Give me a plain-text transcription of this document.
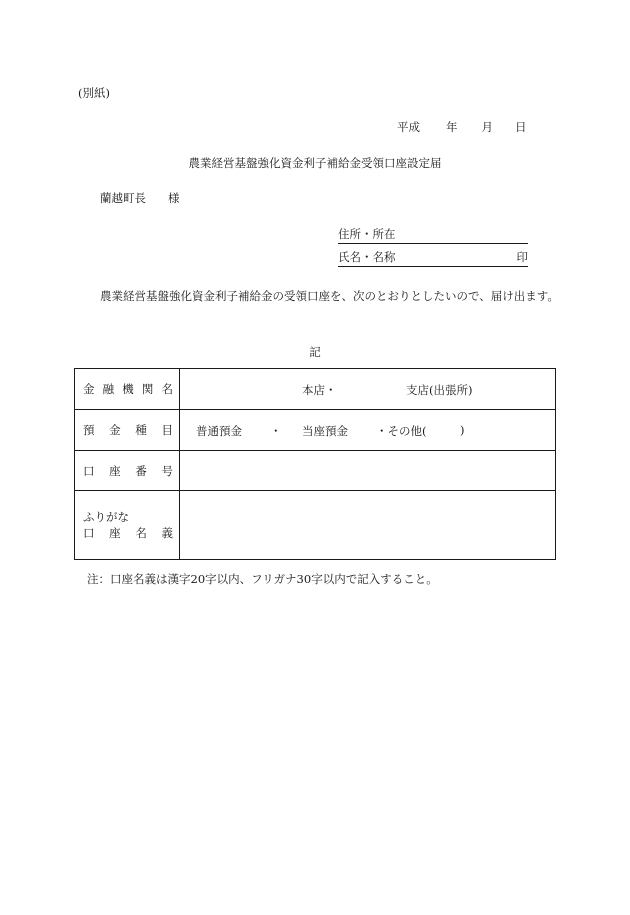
(別紙)
平成 年 月 日
農業経営基盤強化資金利子補給金受領口座設定届
蘭越町長 様
住所・所在
氏名・名称	印
農業経営基盤強化資金利子補給金の受領口座を、次のとおりとしたいので、届け出ます。
記
金 融 機 関 名	本店・ 支店(出張所)

預 金 種 目	普通預金 ・ 当座預金 ・その他( )

口 座 番 号	

ふりがな
口 座 名 義	

注：口座名義は漢字20字以内、フリガナ30字以内で記入すること。
